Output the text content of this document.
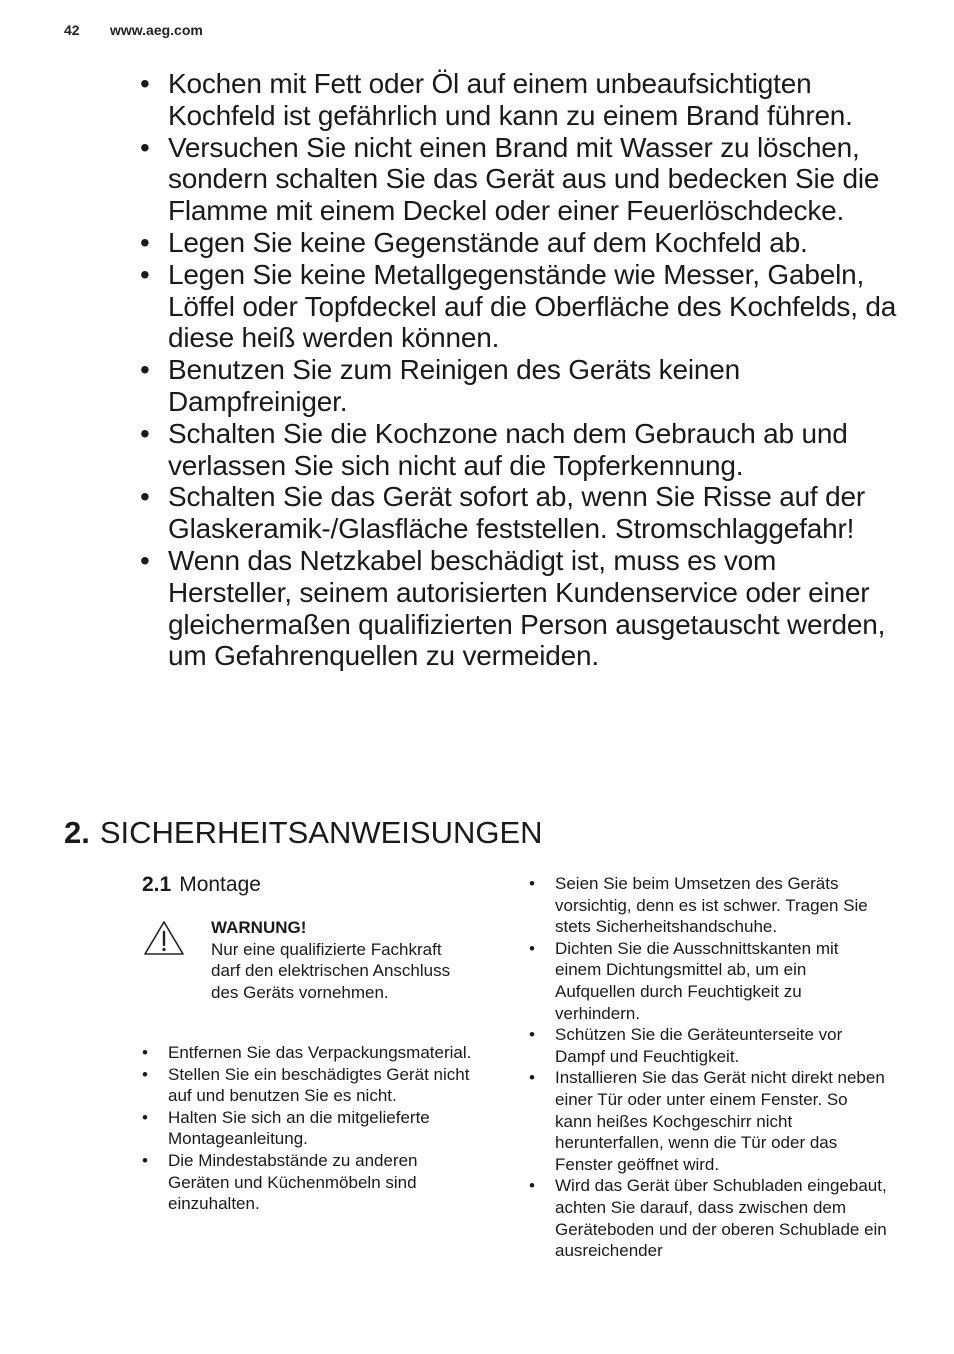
42 www.aeg.com
• Kochen mit Fett oder Öl auf einem unbeaufsichtigten Kochfeld ist gefährlich und kann zu einem Brand führen.
• Versuchen Sie nicht einen Brand mit Wasser zu löschen, sondern schalten Sie das Gerät aus und bedecken Sie die Flamme mit einem Deckel oder einer Feuerlöschdecke.
• Legen Sie keine Gegenstände auf dem Kochfeld ab.
• Legen Sie keine Metallgegenstände wie Messer, Gabeln, Löffel oder Topfdeckel auf die Oberfläche des Kochfelds, da diese heiß werden können.
• Benutzen Sie zum Reinigen des Geräts keinen Dampfreiniger.
• Schalten Sie die Kochzone nach dem Gebrauch ab und verlassen Sie sich nicht auf die Topferkennung.
• Schalten Sie das Gerät sofort ab, wenn Sie Risse auf der Glaskeramik-/Glasfläche feststellen. Stromschlaggefahr!
• Wenn das Netzkabel beschädigt ist, muss es vom Hersteller, seinem autorisierten Kundenservice oder einer gleichermaßen qualifizierten Person ausgetauscht werden, um Gefahrenquellen zu vermeiden.
2. SICHERHEITSANWEISUNGEN
2.1 Montage
WARNUNG!
Nur eine qualifizierte Fachkraft darf den elektrischen Anschluss des Geräts vornehmen.
• Entfernen Sie das Verpackungsmaterial.
• Stellen Sie ein beschädigtes Gerät nicht auf und benutzen Sie es nicht.
• Halten Sie sich an die mitgelieferte Montageanleitung.
• Die Mindestabstände zu anderen Geräten und Küchenmöbeln sind einzuhalten.
• Seien Sie beim Umsetzen des Geräts vorsichtig, denn es ist schwer. Tragen Sie stets Sicherheitshandschuhe.
• Dichten Sie die Ausschnittskanten mit einem Dichtungsmittel ab, um ein Aufquellen durch Feuchtigkeit zu verhindern.
• Schützen Sie die Geräteunterseite vor Dampf und Feuchtigkeit.
• Installieren Sie das Gerät nicht direkt neben einer Tür oder unter einem Fenster. So kann heißes Kochgeschirr nicht herunterfallen, wenn die Tür oder das Fenster geöffnet wird.
• Wird das Gerät über Schubladen eingebaut, achten Sie darauf, dass zwischen dem Geräteboden und der oberen Schublade ein ausreichender
